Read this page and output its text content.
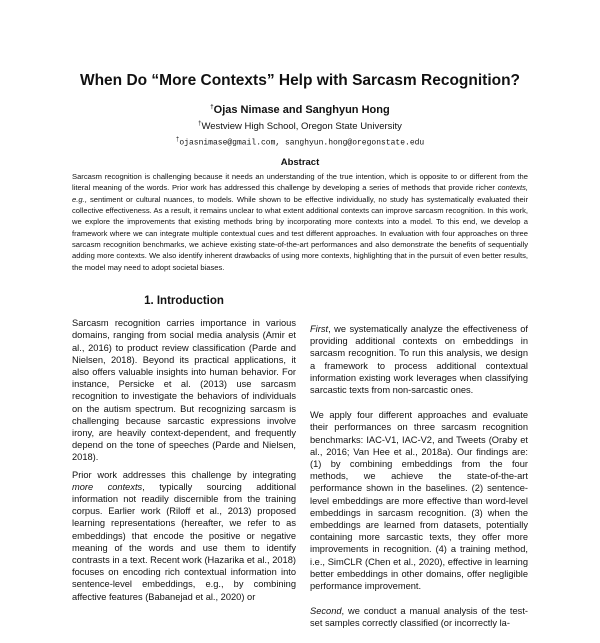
When Do “More Contexts” Help with Sarcasm Recognition?
†Ojas Nimase and Sanghyun Hong
†Westview High School, Oregon State University
†ojasnimase@gmail.com, sanghyun.hong@oregonstate.edu
Abstract
Sarcasm recognition is challenging because it needs an understanding of the true intention, which is opposite to or different from the literal meaning of the words. Prior work has addressed this challenge by developing a series of methods that provide richer contexts, e.g., sentiment or cultural nuances, to models. While shown to be effective individually, no study has systematically evaluated their collective effectiveness. As a result, it remains unclear to what extent additional contexts can improve sarcasm recognition. In this work, we explore the improvements that existing methods bring by incorporating more contexts into a model. To this end, we develop a framework where we can integrate multiple contextual cues and test different approaches. In evaluation with four approaches on three sarcasm recognition benchmarks, we achieve existing state-of-the-art performances and also demonstrate the benefits of sequentially adding more contexts. We also identify inherent drawbacks of using more contexts, highlighting that in the pursuit of even better results, the model may need to adopt societal biases.
1. Introduction

Sarcasm recognition carries importance in various domains, ranging from social media analysis (Amir et al., 2016) to product review classification (Parde and Nielsen, 2018). Beyond its practical applications, it also offers valuable insights into human behavior. For instance, Persicke et al. (2013) use sarcasm recognition to investigate the behaviors of individuals on the autism spectrum. But recognizing sarcasm is challenging because sarcastic expressions involve irony, are heavily context-dependent, and frequently depend on the tone of speeches (Parde and Nielsen, 2018).

Prior work addresses this challenge by integrating more contexts, typically sourcing additional information not readily discernible from the training corpus. Earlier work (Riloff et al., 2013) proposed learning representations (hereafter, we refer to as embeddings) that encode the positive or negative meaning of the words and use them to identify contrasts in a text. Recent work (Hazarika et al., 2018) focuses on encoding rich contextual information into sentence-level embeddings, e.g., by combining affective features (Babanejad et al., 2020) or

First, we systematically analyze the effectiveness of providing additional contexts on embeddings in sarcasm recognition. To run this analysis, we design a framework to process additional contextual information existing work leverages when classifying sarcastic texts from non-sarcastic ones.

We apply four different approaches and evaluate their performances on three sarcasm recognition benchmarks: IAC-V1, IAC-V2, and Tweets (Oraby et al., 2016; Van Hee et al., 2018a). Our findings are: (1) by combining embeddings from the four methods, we achieve the state-of-the-art performance shown in the baselines. (2) sentence-level embeddings are more effective than word-level embeddings in sarcasm recognition. (3) when the embeddings are learned from datasets, potentially containing more sarcastic texts, they offer more improvements in recognition. (4) a training method, i.e., SimCLR (Chen et al., 2020), effective in learning better embeddings in other domains, offer negligible performance improvement.

Second, we conduct a manual analysis of the test-set samples correctly classified (or incorrectly la-
